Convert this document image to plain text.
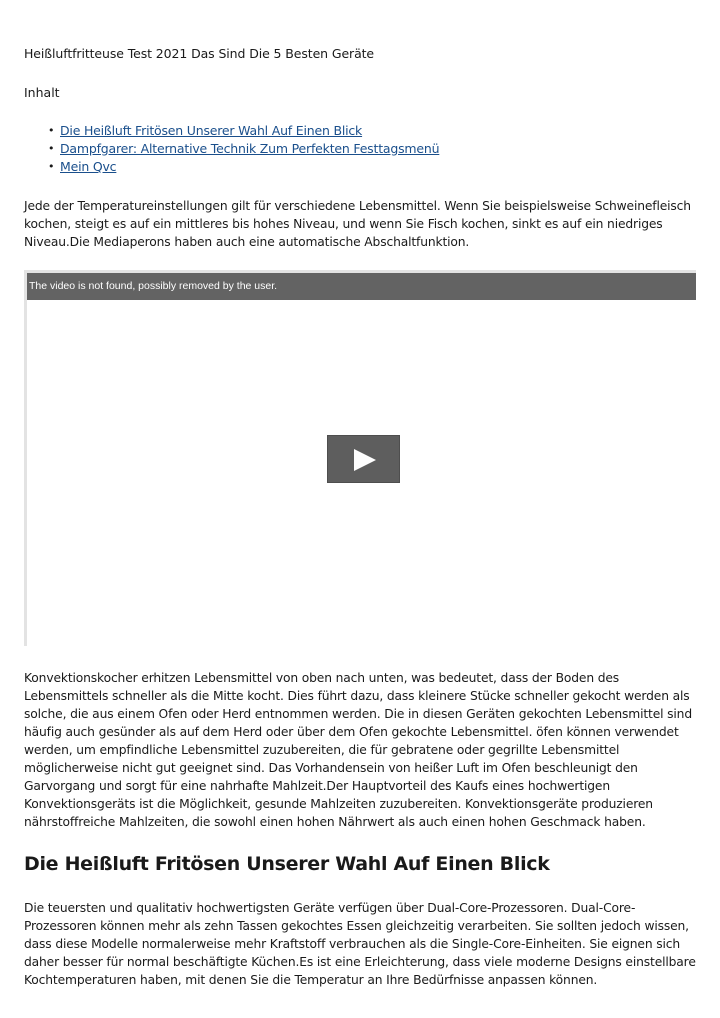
Heißluftfritteuse Test 2021 Das Sind Die 5 Besten Geräte
Inhalt
• Die Heißluft Fritösen Unserer Wahl Auf Einen Blick
• Dampfgarer: Alternative Technik Zum Perfekten Festtagsmenü
• Mein Qvc

Jede der Temperatureinstellungen gilt für verschiedene Lebensmittel. Wenn Sie beispielsweise Schweinefleisch kochen, steigt es auf ein mittleres bis hohes Niveau, und wenn Sie Fisch kochen, sinkt es auf ein niedriges Niveau.Die Mediaperons haben auch eine automatische Abschaltfunktion.

The video is not found, possibly removed by the user.

Konvektionskocher erhitzen Lebensmittel von oben nach unten, was bedeutet, dass der Boden des Lebensmittels schneller als die Mitte kocht. Dies führt dazu, dass kleinere Stücke schneller gekocht werden als solche, die aus einem Ofen oder Herd entnommen werden. Die in diesen Geräten gekochten Lebensmittel sind häufig auch gesünder als auf dem Herd oder über dem Ofen gekochte Lebensmittel. öfen können verwendet werden, um empfindliche Lebensmittel zuzubereiten, die für gebratene oder gegrillte Lebensmittel möglicherweise nicht gut geeignet sind. Das Vorhandensein von heißer Luft im Ofen beschleunigt den Garvorgang und sorgt für eine nahrhafte Mahlzeit.Der Hauptvorteil des Kaufs eines hochwertigen Konvektionsgeräts ist die Möglichkeit, gesunde Mahlzeiten zuzubereiten. Konvektionsgeräte produzieren nährstoffreiche Mahlzeiten, die sowohl einen hohen Nährwert als auch einen hohen Geschmack haben.

Die Heißluft Fritösen Unserer Wahl Auf Einen Blick

Die teuersten und qualitativ hochwertigsten Geräte verfügen über Dual-Core-Prozessoren. Dual-Core-Prozessoren können mehr als zehn Tassen gekochtes Essen gleichzeitig verarbeiten. Sie sollten jedoch wissen, dass diese Modelle normalerweise mehr Kraftstoff verbrauchen als die Single-Core-Einheiten. Sie eignen sich daher besser für normal beschäftigte Küchen.Es ist eine Erleichterung, dass viele moderne Designs einstellbare Kochtemperaturen haben, mit denen Sie die Temperatur an Ihre Bedürfnisse anpassen können.
